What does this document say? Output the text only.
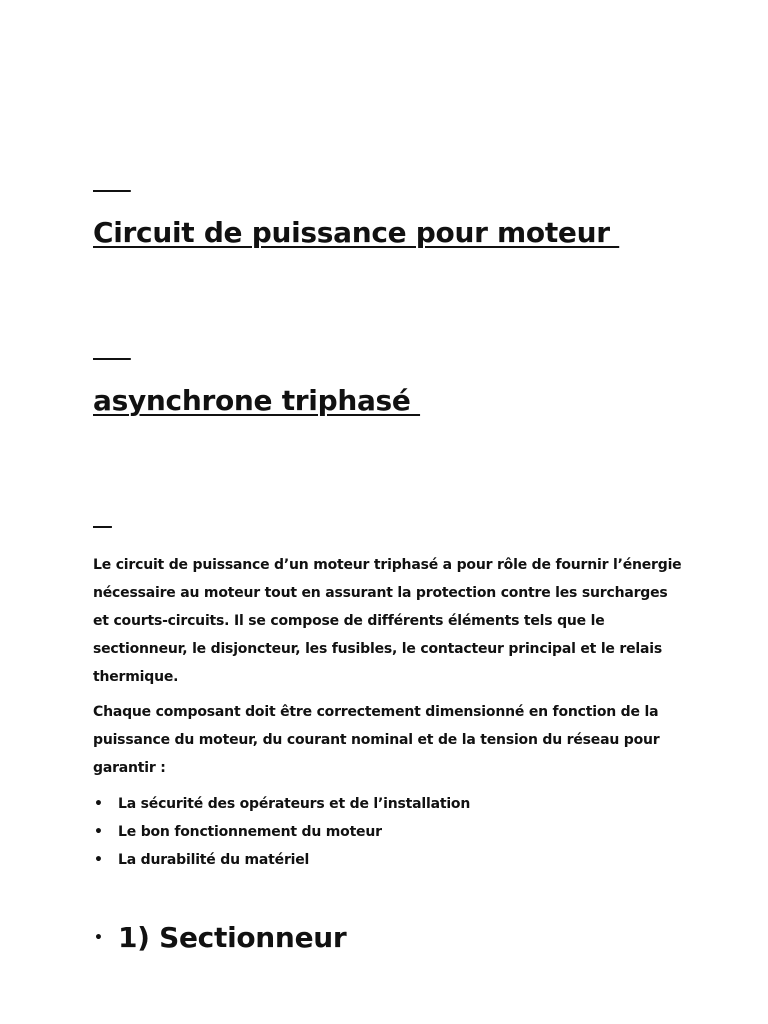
Circuit de puissance pour moteur

asynchrone triphasé

Le circuit de puissance d’un moteur triphasé a pour rôle de fournir l’énergie nécessaire au moteur tout en assurant la protection contre les surcharges et courts-circuits. Il se compose de différents éléments tels que le sectionneur, le disjoncteur, les fusibles, le contacteur principal et le relais thermique.

Chaque composant doit être correctement dimensionné en fonction de la puissance du moteur, du courant nominal et de la tension du réseau pour garantir :

• La sécurité des opérateurs et de l’installation
• Le bon fonctionnement du moteur
• La durabilité du matériel
• 1) Sectionneur
